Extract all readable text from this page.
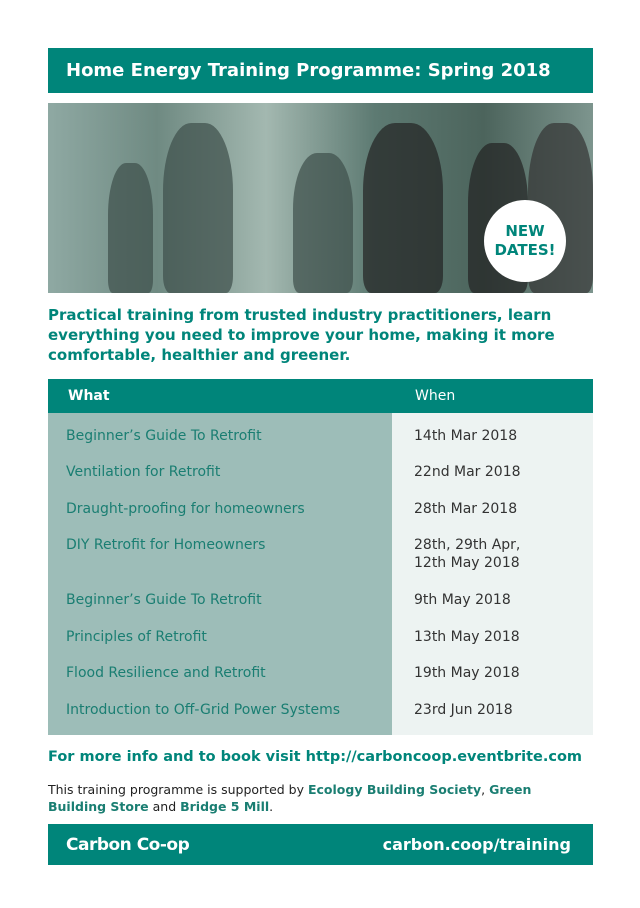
Home Energy Training Programme: Spring 2018
NEW
DATES!
Practical training from trusted industry practitioners, learn everything you need to improve your home, making it more comfortable, healthier and greener.
What	When
Beginner’s Guide To Retrofit	14th Mar 2018
Ventilation for Retrofit	22nd Mar 2018
Draught-proofing for homeowners	28th Mar 2018
DIY Retrofit for Homeowners	28th, 29th Apr,
12th May 2018
Beginner’s Guide To Retrofit	9th May 2018
Principles of Retrofit	13th May 2018
Flood Resilience and Retrofit	19th May 2018
Introduction to Off-Grid Power Systems	23rd Jun 2018
For more info and to book visit http://carboncoop.eventbrite.com
This training programme is supported by Ecology Building Society, Green Building Store and Bridge 5 Mill.
Carbon Co-op	carbon.coop/training
